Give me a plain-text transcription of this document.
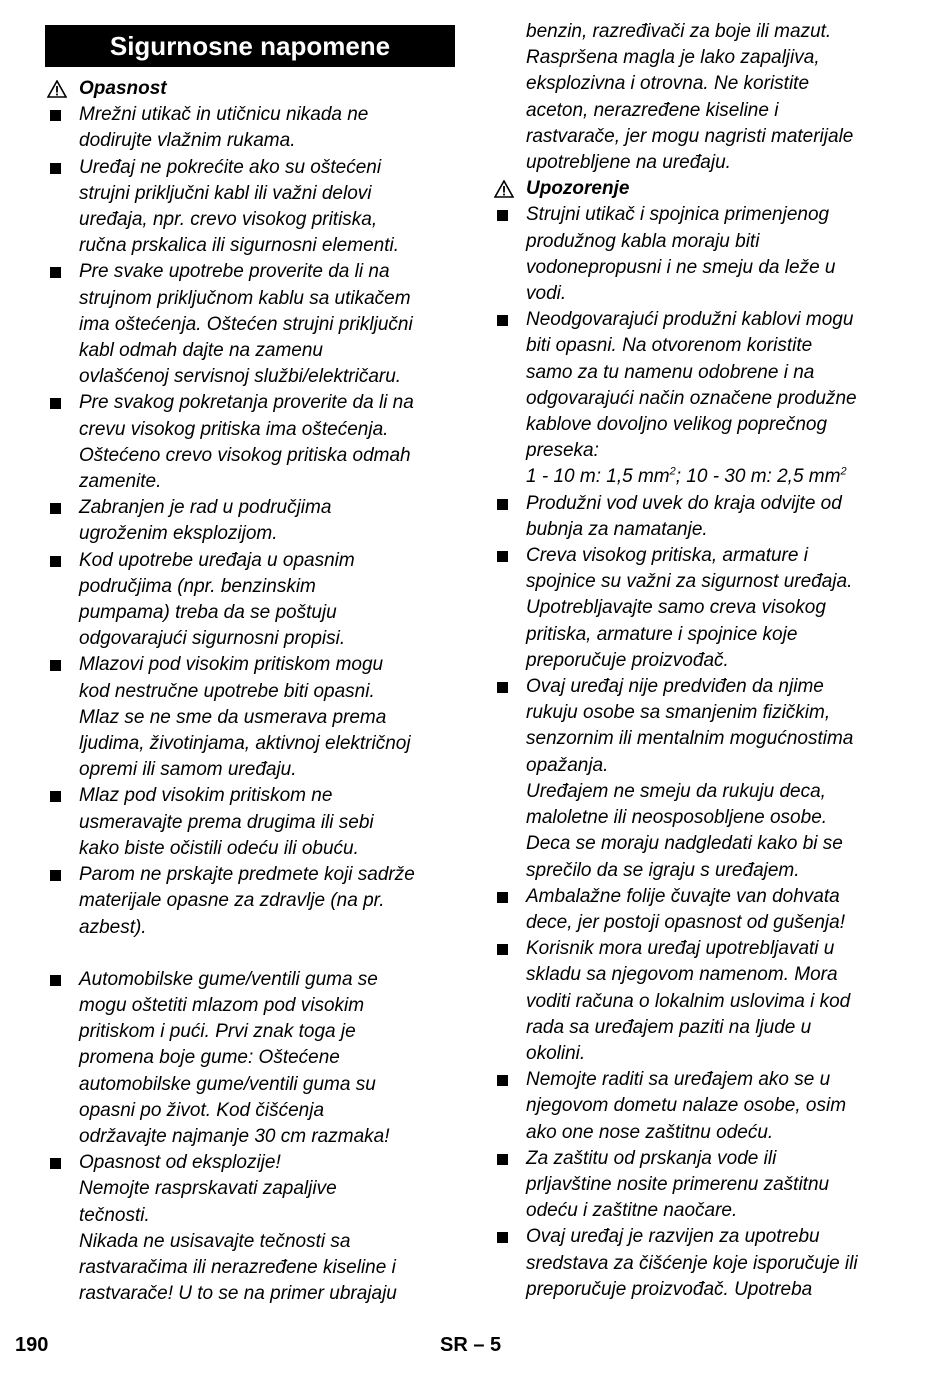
Sigurnosne napomene
Opasnost
Mrežni utikač in utičnicu nikada ne
dodirujte vlažnim rukama.
Uređaj ne pokrećite ako su oštećeni
strujni priključni kabl ili važni delovi
uređaja, npr. crevo visokog pritiska,
ručna prskalica ili sigurnosni elementi.
Pre svake upotrebe proverite da li na
strujnom priključnom kablu sa utikačem
ima oštećenja. Oštećen strujni priključni
kabl odmah dajte na zamenu
ovlašćenoj servisnoj službi/električaru.
Pre svakog pokretanja proverite da li na
crevu visokog pritiska ima oštećenja.
Oštećeno crevo visokog pritiska odmah
zamenite.
Zabranjen je rad u područjima
ugroženim eksplozijom.
Kod upotrebe uređaja u opasnim
područjima (npr. benzinskim
pumpama) treba da se poštuju
odgovarajući sigurnosni propisi.
Mlazovi pod visokim pritiskom mogu
kod nestručne upotrebe biti opasni.
Mlaz se ne sme da usmerava prema
ljudima, životinjama, aktivnoj električnoj
opremi ili samom uređaju.
Mlaz pod visokim pritiskom ne
usmeravajte prema drugima ili sebi
kako biste očistili odeću ili obuću.
Parom ne prskajte predmete koji sadrže
materijale opasne za zdravlje (na pr.
azbest).
Automobilske gume/ventili guma se
mogu oštetiti mlazom pod visokim
pritiskom i pući. Prvi znak toga je
promena boje gume: Oštećene
automobilske gume/ventili guma su
opasni po život. Kod čišćenja
održavajte najmanje 30 cm razmaka!
Opasnost od eksplozije!
Nemojte rasprskavati zapaljive
tečnosti.
Nikada ne usisavajte tečnosti sa
rastvaračima ili nerazređene kiseline i
rastvarače! U to se na primer ubrajaju
benzin, razređivači za boje ili mazut.
Raspršena magla je lako zapaljiva,
eksplozivna i otrovna. Ne koristite
aceton, nerazređene kiseline i
rastvarače, jer mogu nagristi materijale
upotrebljene na uređaju.
Upozorenje
Strujni utikač i spojnica primenjenog
produžnog kabla moraju biti
vodonepropusni i ne smeju da leže u
vodi.
Neodgovarajući produžni kablovi mogu
biti opasni. Na otvorenom koristite
samo za tu namenu odobrene i na
odgovarajući način označene produžne
kablove dovoljno velikog poprečnog
preseka:
1 - 10 m: 1,5 $mm^2$; 10 - 30 m: 2,5 $mm^2$
Produžni vod uvek do kraja odvijte od
bubnja za namatanje.
Creva visokog pritiska, armature i
spojnice su važni za sigurnost uređaja.
Upotrebljavajte samo creva visokog
pritiska, armature i spojnice koje
preporučuje proizvođač.
Ovaj uređaj nije predviđen da njime
rukuju osobe sa smanjenim fizičkim,
senzornim ili mentalnim mogućnostima
opažanja.
Uređajem ne smeju da rukuju deca,
maloletne ili neosposobljene osobe.
Deca se moraju nadgledati kako bi se
sprečilo da se igraju s uređajem.
Ambalažne folije čuvajte van dohvata
dece, jer postoji opasnost od gušenja!
Korisnik mora uređaj upotrebljavati u
skladu sa njegovom namenom. Mora
voditi računa o lokalnim uslovima i kod
rada sa uređajem paziti na ljude u
okolini.
Nemojte raditi sa uređajem ako se u
njegovom dometu nalaze osobe, osim
ako one nose zaštitnu odeću.
Za zaštitu od prskanja vode ili
prljavštine nosite primerenu zaštitnu
odeću i zaštitne naočare.
Ovaj uređaj je razvijen za upotrebu
sredstava za čišćenje koje isporučuje ili
preporučuje proizvođač. Upotreba
190	SR – 5
